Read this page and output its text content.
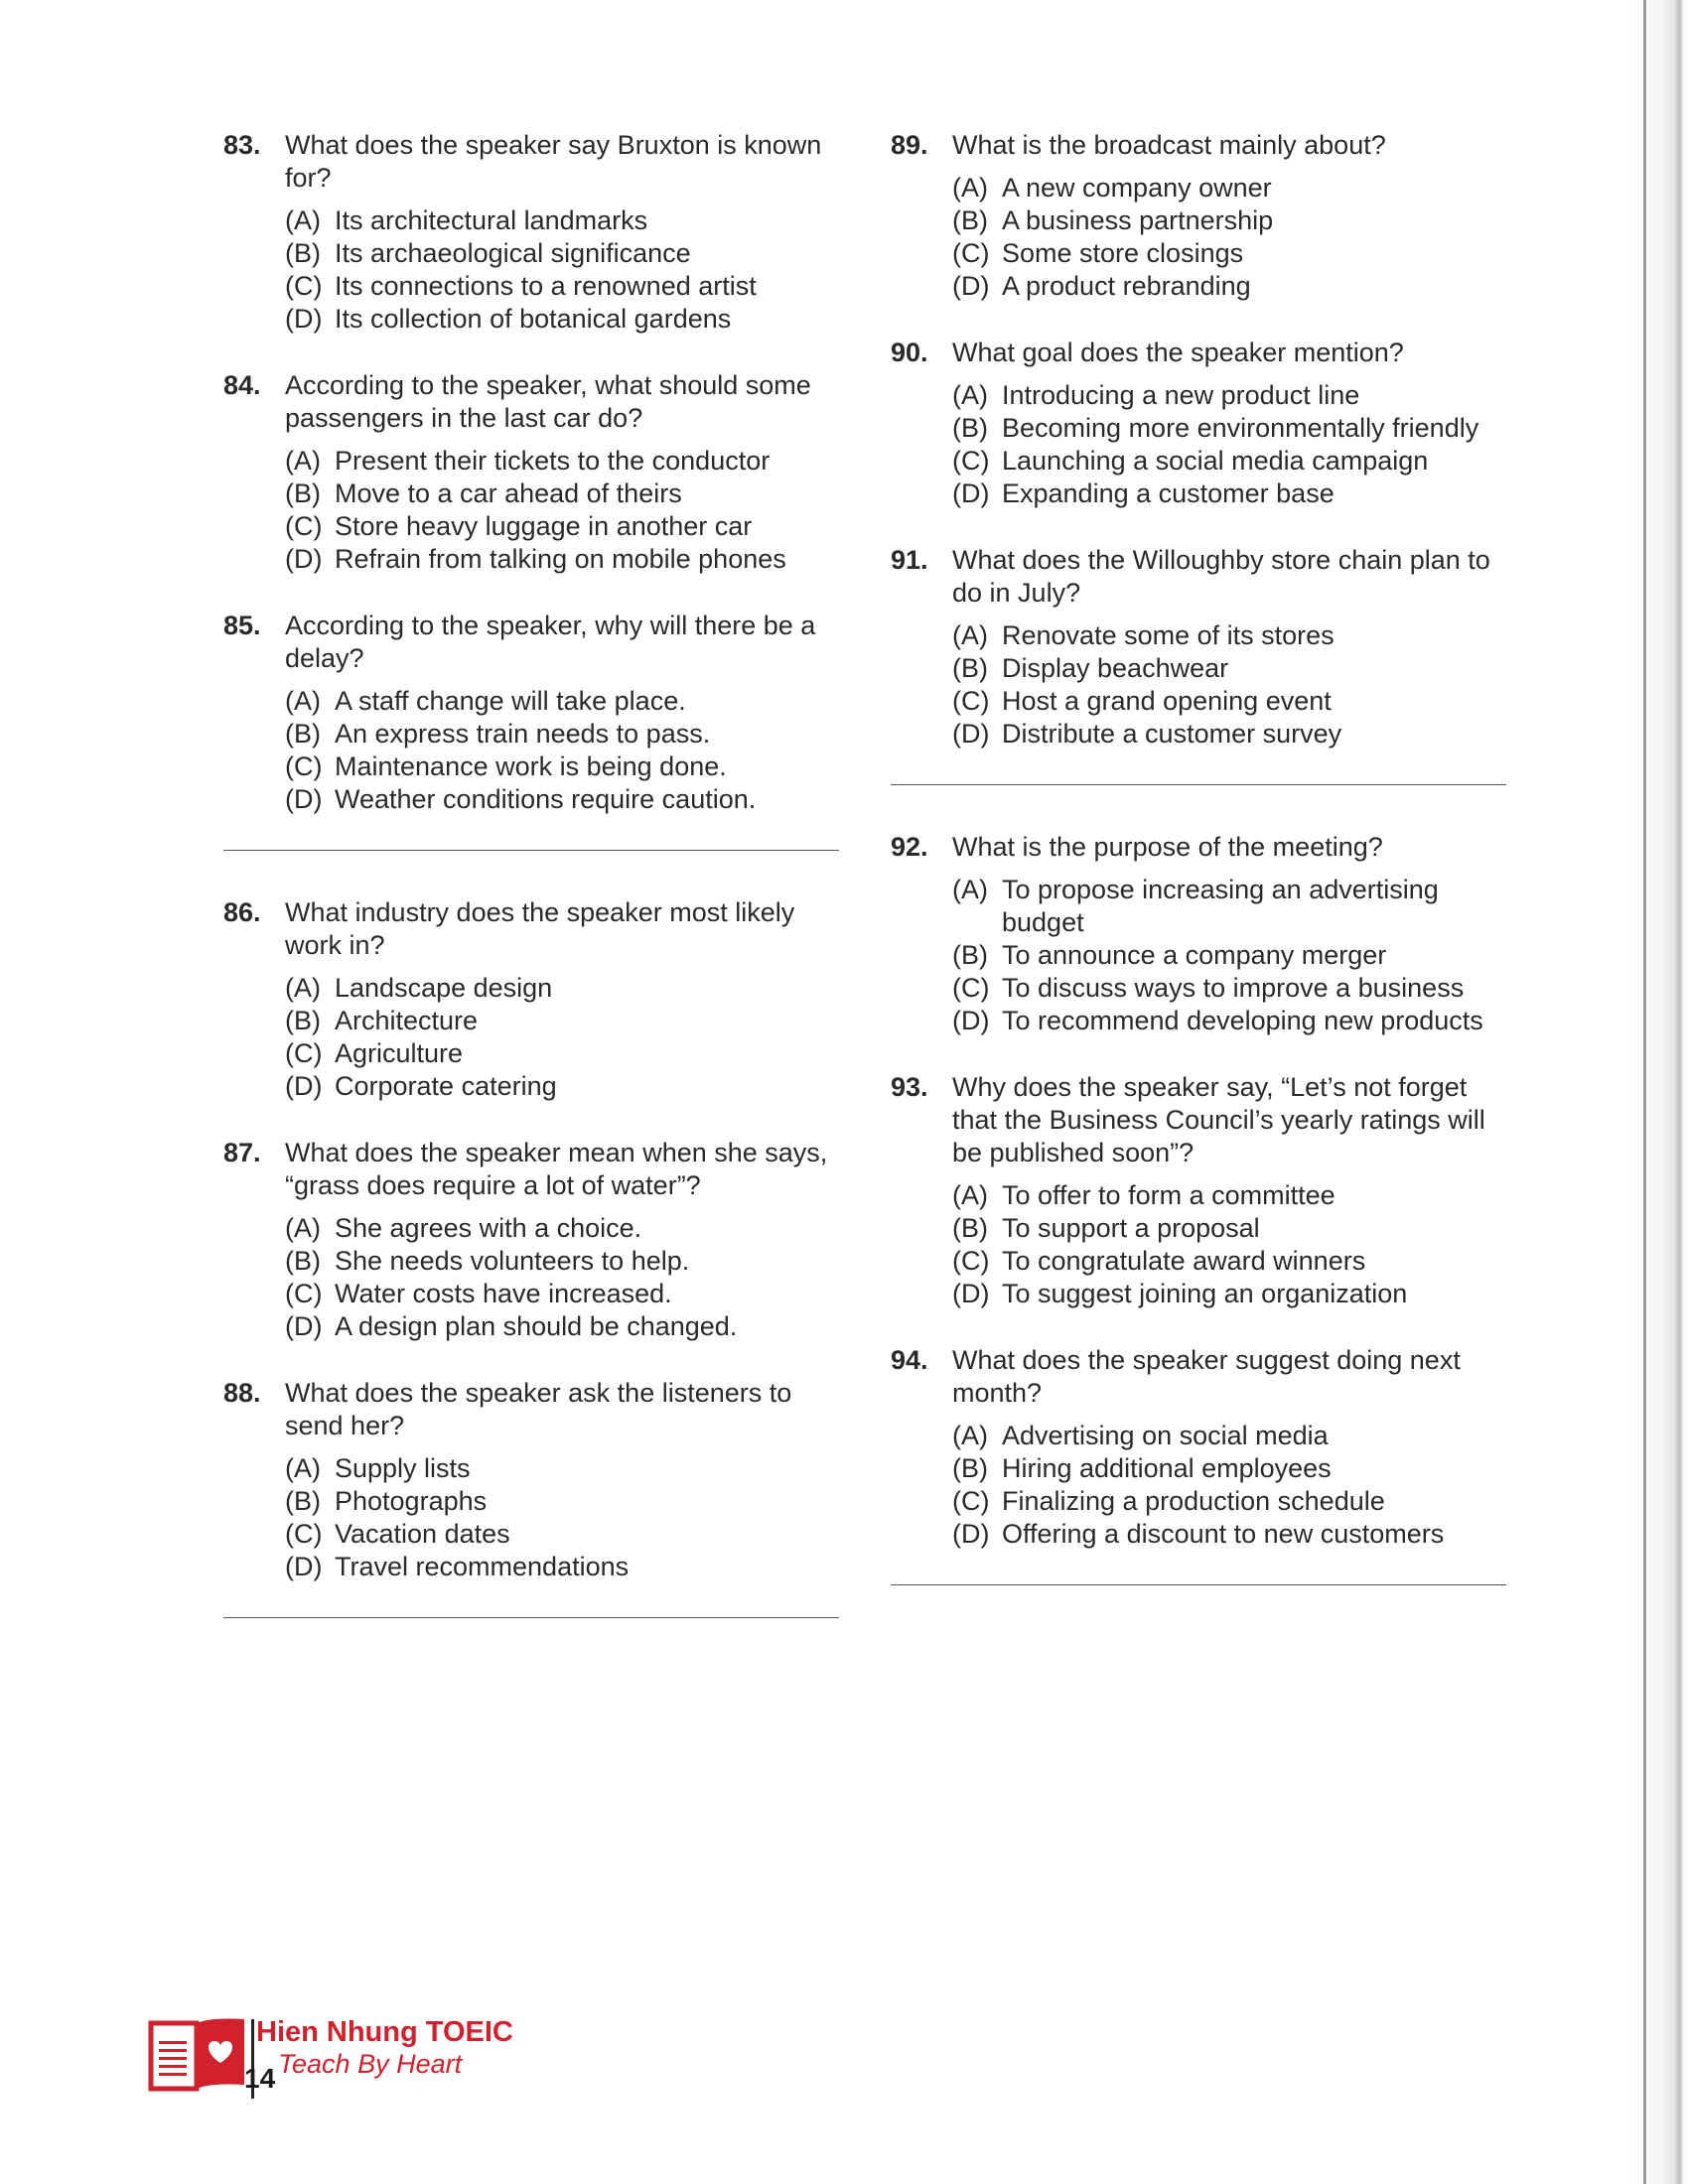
83. What does the speaker say Bruxton is known for?
(A) Its architectural landmarks
(B) Its archaeological significance
(C) Its connections to a renowned artist
(D) Its collection of botanical gardens
84. According to the speaker, what should some passengers in the last car do?
(A) Present their tickets to the conductor
(B) Move to a car ahead of theirs
(C) Store heavy luggage in another car
(D) Refrain from talking on mobile phones
85. According to the speaker, why will there be a delay?
(A) A staff change will take place.
(B) An express train needs to pass.
(C) Maintenance work is being done.
(D) Weather conditions require caution.
86. What industry does the speaker most likely work in?
(A) Landscape design
(B) Architecture
(C) Agriculture
(D) Corporate catering
87. What does the speaker mean when she says, “grass does require a lot of water”?
(A) She agrees with a choice.
(B) She needs volunteers to help.
(C) Water costs have increased.
(D) A design plan should be changed.
88. What does the speaker ask the listeners to send her?
(A) Supply lists
(B) Photographs
(C) Vacation dates
(D) Travel recommendations
89. What is the broadcast mainly about?
(A) A new company owner
(B) A business partnership
(C) Some store closings
(D) A product rebranding
90. What goal does the speaker mention?
(A) Introducing a new product line
(B) Becoming more environmentally friendly
(C) Launching a social media campaign
(D) Expanding a customer base
91. What does the Willoughby store chain plan to do in July?
(A) Renovate some of its stores
(B) Display beachwear
(C) Host a grand opening event
(D) Distribute a customer survey
92. What is the purpose of the meeting?
(A) To propose increasing an advertising budget
(B) To announce a company merger
(C) To discuss ways to improve a business
(D) To recommend developing new products
93. Why does the speaker say, “Let’s not forget that the Business Council’s yearly ratings will be published soon”?
(A) To offer to form a committee
(B) To support a proposal
(C) To congratulate award winners
(D) To suggest joining an organization
94. What does the speaker suggest doing next month?
(A) Advertising on social media
(B) Hiring additional employees
(C) Finalizing a production schedule
(D) Offering a discount to new customers
Hien Nhung TOEIC
Teach By Heart
14
